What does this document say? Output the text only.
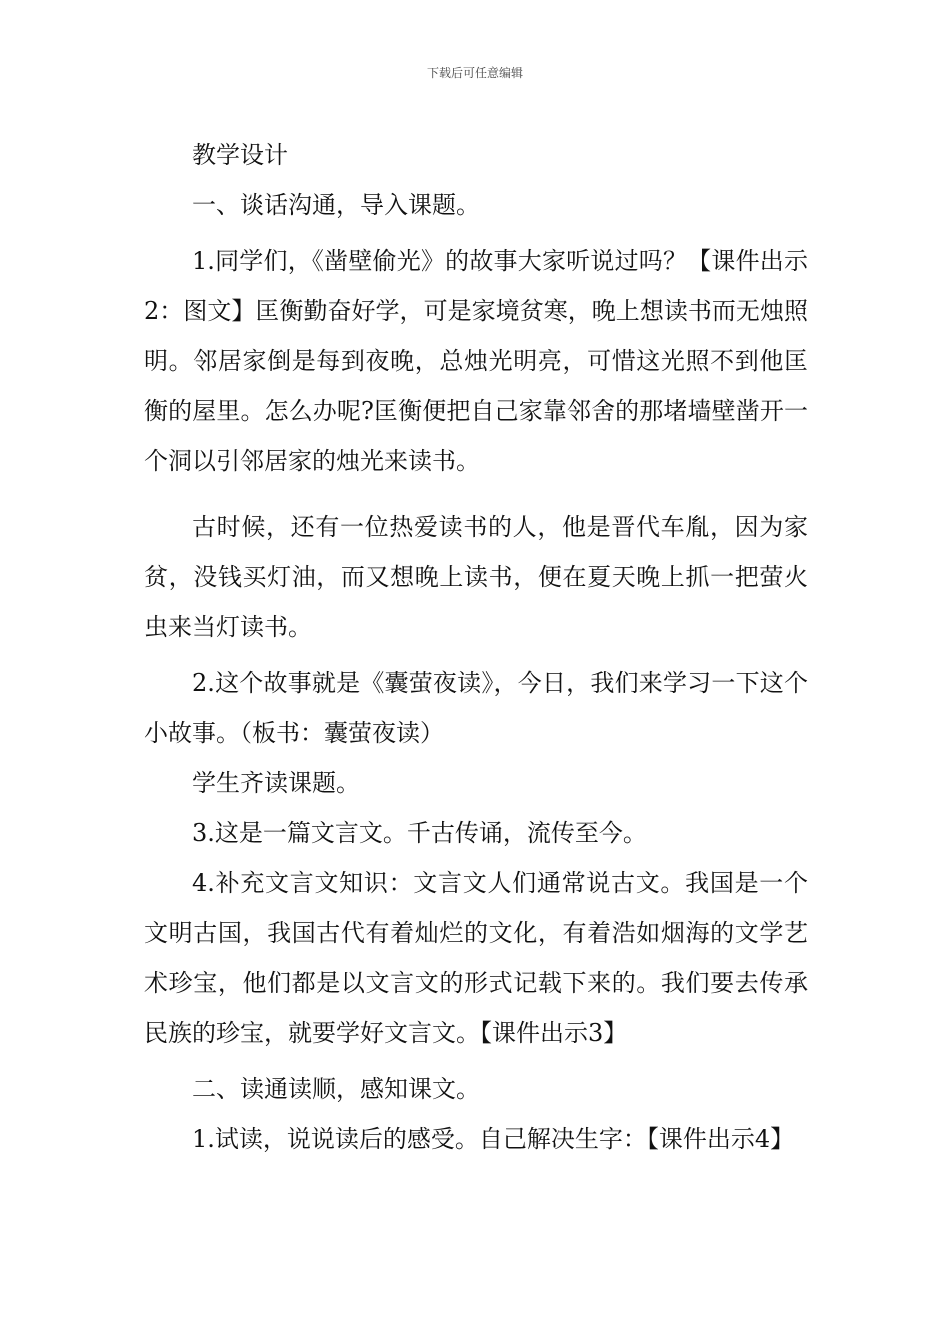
下载后可任意编辑

教学设计

一、谈话沟通，导入课题。

1.同学们，《凿壁偷光》的故事大家听说过吗？【课件出示2：图文】匡衡勤奋好学，可是家境贫寒，晚上想读书而无烛照明。邻居家倒是每到夜晚，总烛光明亮，可惜这光照不到他匡衡的屋里。怎么办呢?匡衡便把自己家靠邻舍的那堵墙壁凿开一个洞以引邻居家的烛光来读书。

古时候，还有一位热爱读书的人，他是晋代车胤，因为家贫，没钱买灯油，而又想晚上读书，便在夏天晚上抓一把萤火虫来当灯读书。

2.这个故事就是《囊萤夜读》，今日，我们来学习一下这个小故事。（板书：囊萤夜读）

学生齐读课题。

3.这是一篇文言文。千古传诵，流传至今。

4.补充文言文知识：文言文人们通常说古文。我国是一个文明古国，我国古代有着灿烂的文化，有着浩如烟海的文学艺术珍宝，他们都是以文言文的形式记载下来的。我们要去传承民族的珍宝，就要学好文言文。【课件出示3】

二、读通读顺，感知课文。

1.试读，说说读后的感受。自己解决生字：【课件出示4】
